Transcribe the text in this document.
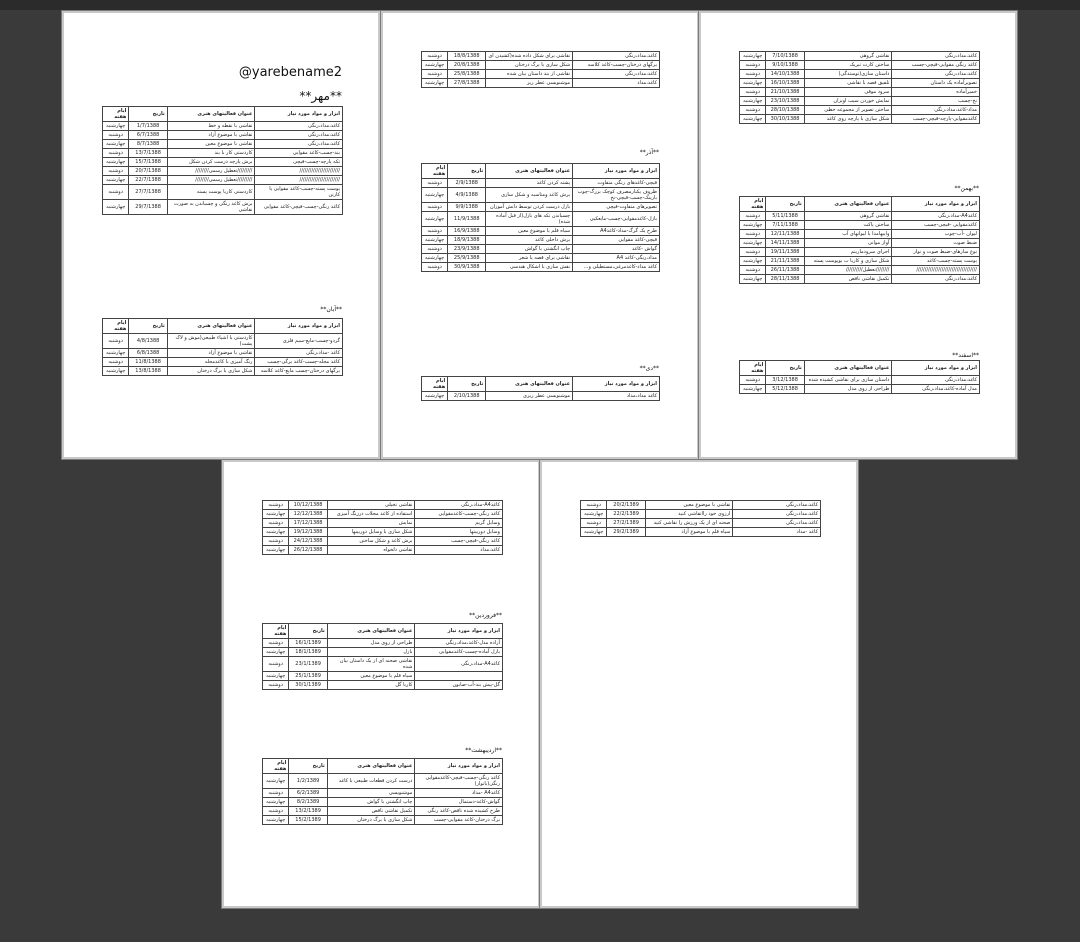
@yarebename2
**مهر**
ابزار و مواد مورد نیاز	عنوان فعالیتهای هنری	تاریخ	ایام هفته
کاغذ،مداد،رنگی	نقاشی با نقطه و خط	1/7/1388	چهارشنبه
کاغذ،مداد،رنگی	نقاشی با موضوع آزاد	6/7/1388	دوشنبه
کاغذ،مداد،رنگی	نقاشی با موضوع معین	8/7/1388	چهارشنبه
بند-چسب-کاغذ مقوایی	کاردستی کار با بند	13/7/1388	دوشنبه
تکه پارچه-چسب-قیچی	برش پارچه درست کردن شکل	15/7/1388	چهارشنبه
////////////////////////	/////////تعطیل رسمی////////	20/7/1388	دوشنبه
////////////////////////	/////////تعطیل رسمی////////	22/7/1388	چهارشنبه
پوست پسته-چسب-کاغذ مقوایی یا کارتن	کاردستی کاربا پوست پسته	27/7/1388	دوشنبه
کاغذ رنگی-چسب-قیچی-کاغذ مقوایی	برش کاغذ رنگی و چسباندن به صورت نقاشی	29/7/1388	چهارشنبه
**آبان**
ابزار و مواد مورد نیاز	عنوان فعالیتهای هنری	تاریخ	ایام هفته
گردو-چسب-مایع-سیم فلزی	کاردستی با اشیاء طبیعی(موش و لاک پشت)	4/8/1388	دوشنبه
کاغذ -مداد،رنگی	نقاشی با موضوع آزاد	6/8/1388	چهارشنبه
کاغذ مجله-چسب-کاغذ برگی-چسب	رنگ آمیزی با کاغذمجله	11/8/1388	دوشنبه
برگهای درختان-چسب مایع-کاغذ کلاسه	شکل سازی با برگ درختان	13/8/1388	چهارشنبه
کاغذ،مداد،رنگی	نقاشی برای شکل داده شده(کشیدن ای	18/8/1388	دوشنبه
برگهای درختان-چسب-کاغذ کلاسه	شکل سازی با برگ درختان	20/8/1388	چهارشنبه
کاغذ،مداد،رنگی	نقاشی از بند داستان بیان شده	25/8/1388	دوشنبه
کاغذ،مداد	موشنویسی عطر ریز	27/8/1388	چهارشنبه
**آذر**
ابزار و مواد مورد نیاز	عنوان فعالیتهای هنری	تاریخ	ایام هفته
قیچی-کاغذهای رنگی متفاوت	پشته کردن کاغذ	2/9/1388	دوشنبه
ظروف یکبارمصرف کوچک بزرگ-چوب بارینک-چسب-قیچی-نخ	برش کاغذ ومتاسیه و شکل سازی	4/9/1388	چهارشنبه
تصویرهای متفاوت-قیچی	بازل درست کردن توسط دانش آموزان	9/9/1388	دوشنبه
بازل-کاغذمقوایی-چسب-مایعکیی	چسباندن تکه های بازل(از قبل آماده شده)	11/9/1388	چهارشنبه
طرح یک گرگ-مداد-کاغذA4	سیاه قلم با موضوع معین	16/9/1388	دوشنبه
قیچی-کاغذ مقوایی	برش داخلی کاغذ	18/9/1388	چهارشنبه
گواش -کاغذ	چاپ انگشتی با گواش	23/9/1388	دوشنبه
مداد،رنگی-کاغذ A4	نقاشی برای قصه یا شعر	25/9/1388	چهارشنبه
کاغذ مداد-کاغذمرغی،مستطیلی و...	نقش سازی با اشکال هندسی	30/9/1388	دوشنبه
**دی**
ابزار و مواد مورد نیاز	عنوان فعالیتهای هنری	تاریخ	ایام هفته
کاغذ مداد،مداد	موشنویسی عطر ریزی	2/10/1388	چهارشنبه
کاغذ،مداد،رنگی	نقاشی گروهی	7/10/1388	چهارشنبه
کاغذ رنگی مقوایی-قیچی-چسب	ساختن کارت تبریک	9/10/1388	دوشنبه
کاغذ،مداد،رنگی	داستان سازی(توستدگی)	14/10/1388	دوشنبه
تصویرآماده یک داستان	تلفیق قصه با نقاشی	16/10/1388	چهارشنبه
خمیرآماده	سرود موقی	21/10/1388	دوشنبه
نخ-چسب	نمایش خوردن سیب اوبزان	23/10/1388	چهارشنبه
مداد-کاغذ،مداد،رنگی	ساختن تصویر از مجموعه خطی	28/10/1388	دوشنبه
کاغذمقوایی-پارچه-قیچی-چسب	شکل سازی با پارچه روی کاغذ	30/10/1388	چهارشنبه
**بهمن**
ابزار و مواد مورد نیاز	عنوان فعالیتهای هنری	تاریخ	ایام هفته
کاغذA4-مداد،رنگی	نقاشی گروهی	5/11/1388	دوشنبه
کاغذمقوایی -قیچی-چسب	ساختن پاکت	7/11/1388	چهارشنبه
لیوان -آب-چوب	وایبهامدا با لیوانهای آب	12/11/1388	دوشنبه
ضبط صوت	آواز موانی	14/11/1388	چهارشنبه
نوع سازهای-ضبط صوت و نوار	اجرای سرودمارینم	19/11/1388	دوشنبه
پوست پسته-چسب-کاغذ	شکل سازی و کاربا ب بوپوست پسته	21/11/1388	چهارشنبه
////////////////////////////////////	////////تعطیل//////////	26/11/1388	دوشنبه
کاغذ،مداد،رنگی	تکمیل نقاشی ناقص	28/11/1388	چهارشنبه
**اسفند**
ابزار و مواد مورد نیاز	عنوان فعالیتهای هنری	تاریخ	ایام هفته
کاغذ،مداد،رنگی	داستان سازی برای نقاشی کشیده شده	3/12/1388	دوشنبه
مدل آماده-کاغذ،مداد،رنگی	طراحی از روی مدل	5/12/1388	چهارشنبه
کاغذA4-مداد،رنگی	نقاشی تخیلی	10/12/1388	دوشنبه
کاغذ رنگی-چسب-کاغذمقوایی	استفاده از کاغذ مجلات درزنگ آمیزی	12/12/1388	چهارشنبه
وسایل گریم	نمایش	17/12/1388	دوشنبه
وسایل دوربینها	شکل سازی با وسایل دوربینها	19/12/1388	چهارشنبه
کاغذ رنگی-قیچی-چسب	برش کاغذ و شکل ساختن	24/12/1388	دوشنبه
کاغذ،مداد	نقاشی دلخواه	26/12/1388	چهارشنبه
**فروردین**
ابزار و مواد مورد نیاز	عنوان فعالیتهای هنری	تاریخ	ایام هفته
آزاده مدل-کاغذ،مداد،رنگی	طراحی از روی مدل	16/1/1389	دوشنبه
بازل آماده-چسب-کاغذمقوایی	بازل	18/1/1389	چهارشنبه
کاغذA4-مداد،رنگی	نقاشی صحنه ای از یک داستان بیان شده	23/1/1389	دوشنبه
	سیاه قلم با موضوع معین	25/1/1389	چهارشنبه
گل-پیش بند-آب-صابون	کاربا گل	30/1/1389	دوشنبه
**اردیبهشت**
ابزار و مواد مورد نیاز	عنوان فعالیتهای هنری	تاریخ	ایام هفته
کاغذ رنگی-چسب-قیچی-کاغذمقوایی رنگی(بانوار)	درست کردن قطعات طبیعی با کاغذ	1/2/1389	چهارشنبه
کاغذA4 -مداد	موشنویسی	6/2/1389	دوشنبه
گواش-کاغذ-دستمال	چاپ انگشتی با گواش	8/2/1389	چهارشنبه
طرح کشیده شده ناقص-کاغذ رنگی	تکمیل نقاشی ناقص	13/2/1389	دوشنبه
برگ درختان-کاغذ مقوایی-چسب	شکل سازی با برگ درختان	15/2/1389	چهارشنبه
کاغذ،مداد،رنگی	نقاشی با موضوع معین	20/2/1389	دوشنبه
کاغذ،مداد،رنگی	ارزوی خود راانقاشی کنید	22/2/1389	چهارشنبه
کاغذ،مداد،رنگی	صحنه ای از یک ورزش را نقاشی کنید	27/2/1389	دوشنبه
کاغذ -مداد	سیاه قلم با موضوع آزاد	29/2/1389	چهارشنبه
